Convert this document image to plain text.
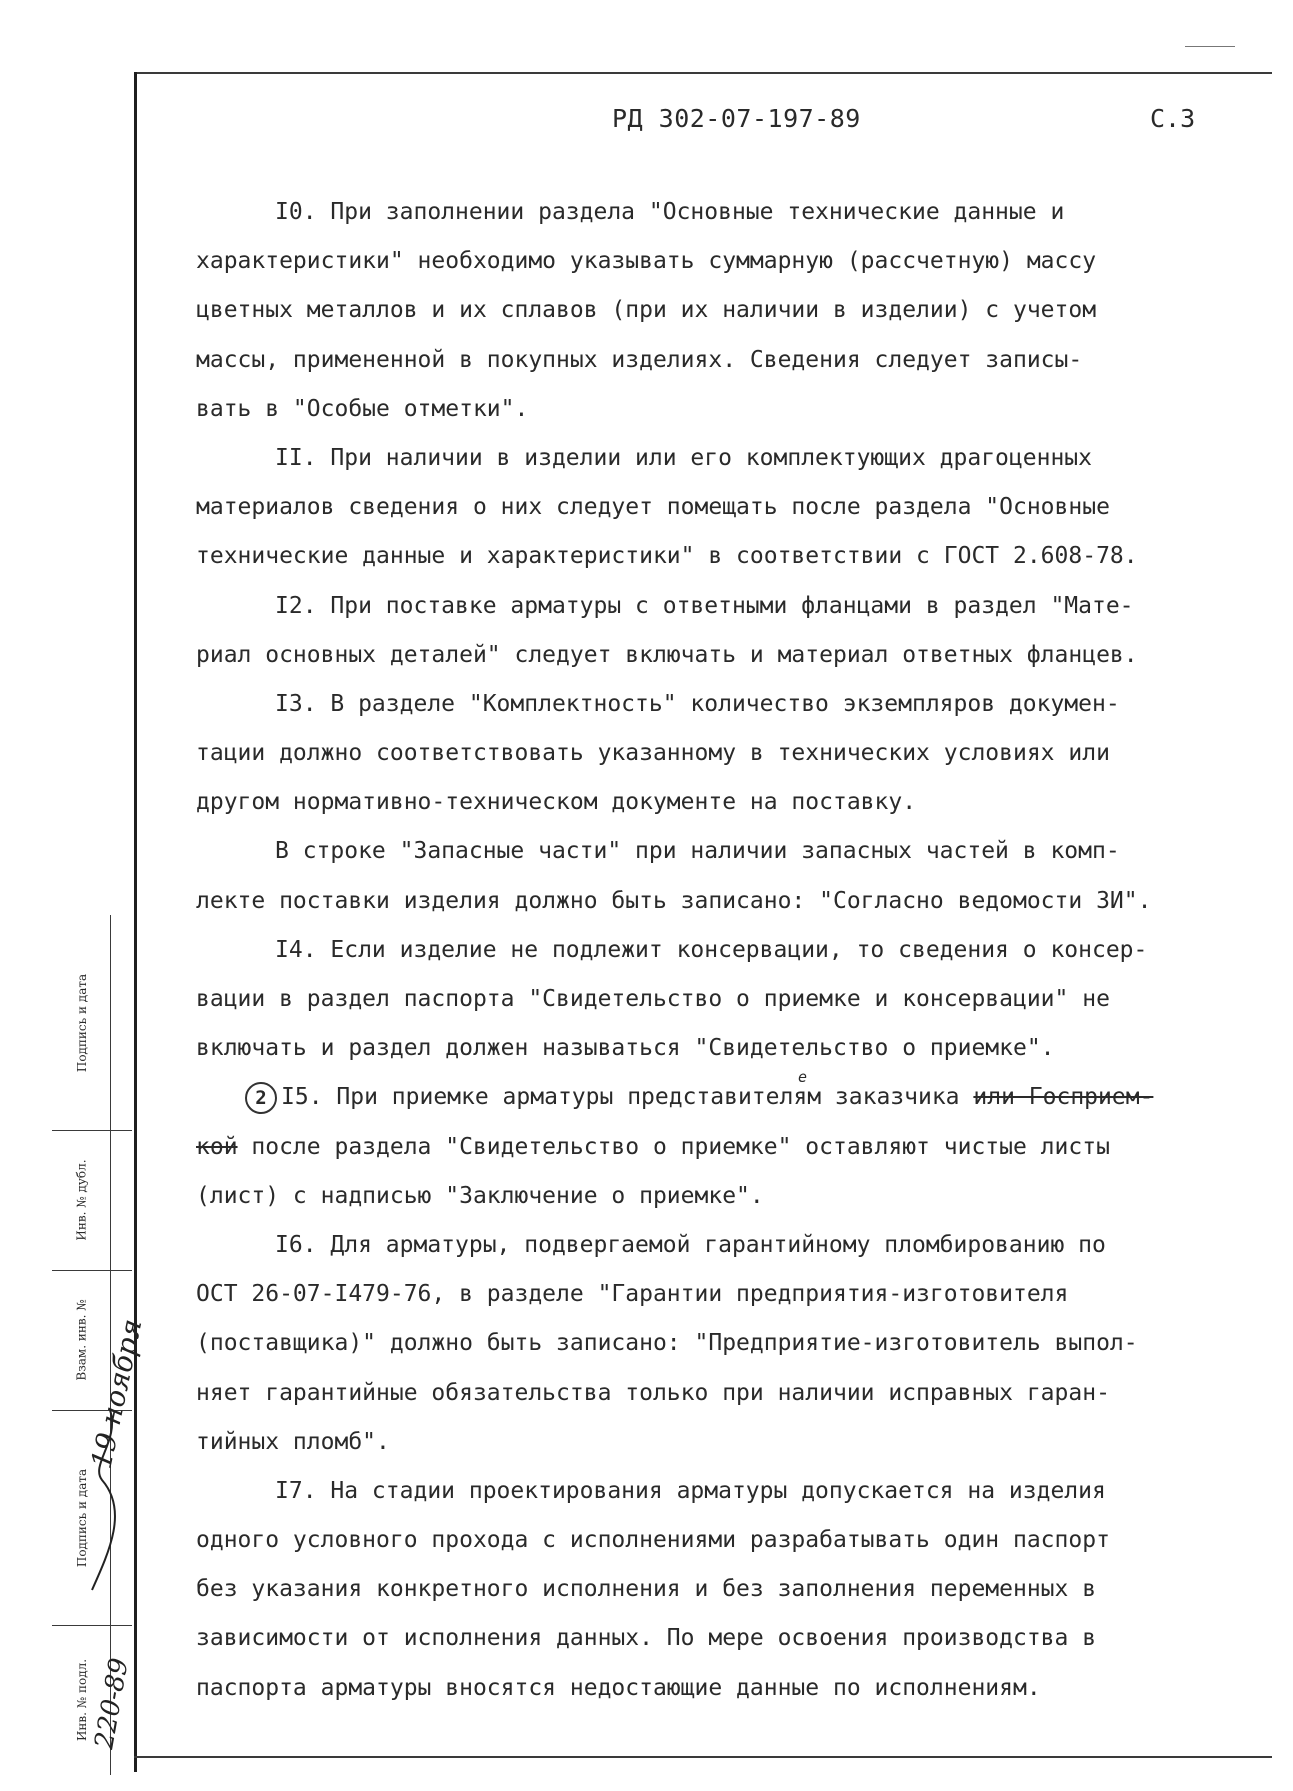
РД 302-07-197-89	С.3
I0. При заполнении раздела "Основные технические данные и
характеристики" необходимо указывать суммарную (рассчетную) массу
цветных металлов и их сплавов (при их наличии в изделии) с учетом
массы, примененной в покупных изделиях. Сведения следует записы-
вать в "Особые отметки".
II. При наличии в изделии или его комплектующих драгоценных
материалов сведения о них следует помещать после раздела "Основные
технические данные и характеристики" в соответствии с ГОСТ 2.608-78.
I2. При поставке арматуры с ответными фланцами в раздел "Мате-
риал основных деталей" следует включать и материал ответных фланцев.
I3. В разделе "Комплектность" количество экземпляров докумен-
тации должно соответствовать указанному в технических условиях или
другом нормативно-техническом документе на поставку.
В строке "Запасные части" при наличии запасных частей в комп-
лекте поставки изделия должно быть записано: "Согласно ведомости ЗИ".
I4. Если изделие не подлежит консервации, то сведения о консер-
вации в раздел паспорта "Свидетельство о приемке и консервации" не
включать и раздел должен называться "Свидетельство о приемке".
2 I5. При приемке арматуры представителям
е
заказчика или Госприем-
кой после раздела "Свидетельство о приемке" оставляют чистые листы
(лист) с надписью "Заключение о приемке".
I6. Для арматуры, подвергаемой гарантийному пломбированию по
ОСТ 26-07-I479-76, в разделе "Гарантии предприятия-изготовителя
(поставщика)" должно быть записано: "Предприятие-изготовитель выпол-
няет гарантийные обязательства только при наличии исправных гаран-
тийных пломб".
I7. На стадии проектирования арматуры допускается на изделия
одного условного прохода с исполнениями разрабатывать один паспорт
без указания конкретного исполнения и без заполнения переменных в
зависимости от исполнения данных. По мере освоения производства в
паспорта арматуры вносятся недостающие данные по исполнениям.
Подпись и дата
Инв. № дубл.
Взам. инв. №
Подпись и дата
Инв. № подл.
19 ноября
220-89
